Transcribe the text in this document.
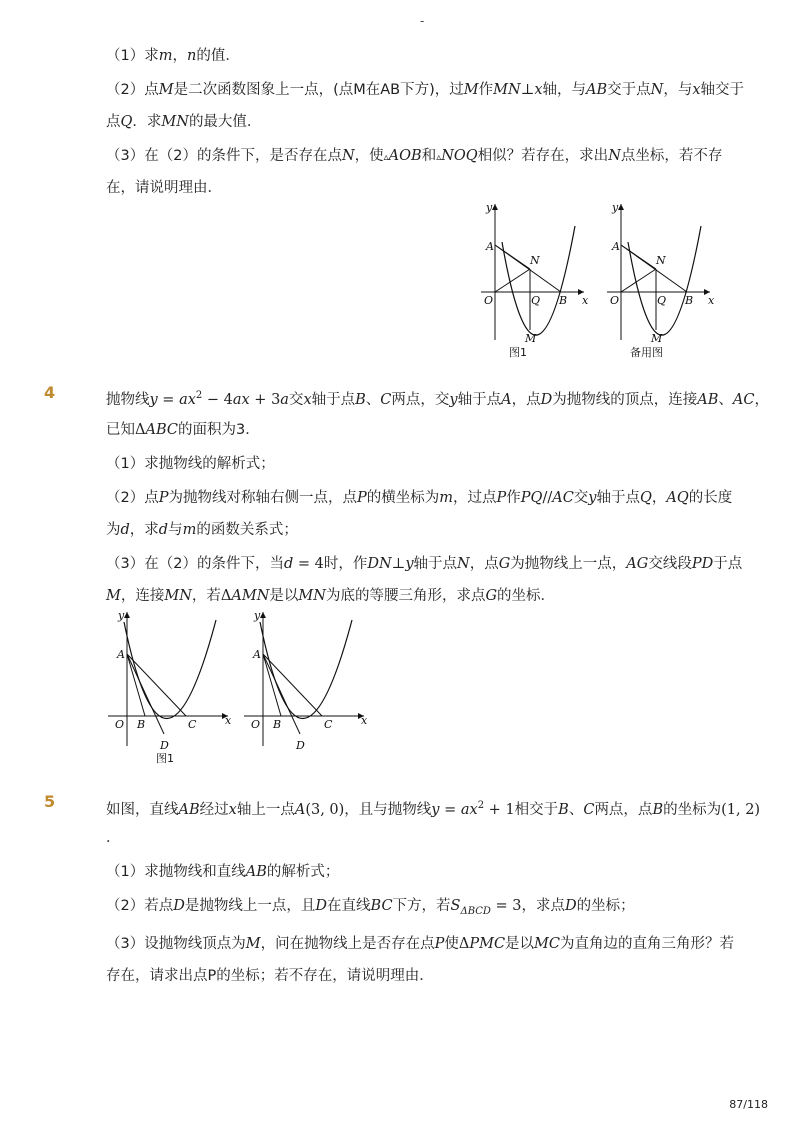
-
（1）求m，n的值．
（2）点M是二次函数图象上一点，(点M在AB下方)，过M作MN⊥x轴，与AB交于点N，与x轴交于
点Q．求MN的最大值．
（3）在（2）的条件下，是否存在点N，使▵AOB和▵NOQ相似？若存在，求出N点坐标，若不存
在，请说明理由．
y
x
A
N
O	Q B
M
图1
y
x
A
N
O	Q B
M
备用图
4	抛物线$y = ax^2 - 4ax + 3a$交x轴于点B、C两点，交y轴于点A，点D为抛物线的顶点，连接AB、AC，
已知ΔABC的面积为3．
（1）求抛物线的解析式；
（2）点P为抛物线对称轴右侧一点，点P的横坐标为m，过点P作PQ//AC交y轴于点Q，AQ的长度
为d，求d与m的函数关系式；
（3）在（2）的条件下，当d = 4时，作DN⊥y轴于点N，点G为抛物线上一点，AG交线段PD于点
M，连接MN，若ΔAMN是以MN为底的等腰三角形，求点G的坐标．
y
x
A
O B	C
D
图1
y
x
A
O B	C
D
5	如图，直线AB经过x轴上一点A(3, 0)，且与抛物线$y = ax^2 + 1$相交于B、C两点，点B的坐标为(1, 2)
．
（1）求抛物线和直线AB的解析式；
（2）若点D是抛物线上一点，且D在直线BC下方，若$S_{\Delta BCD} = 3$，求点D的坐标；
（3）设抛物线顶点为M，问在抛物线上是否存在点P使ΔPMC是以MC为直角边的直角三角形？若
存在，请求出点P的坐标；若不存在，请说明理由．
87/118
